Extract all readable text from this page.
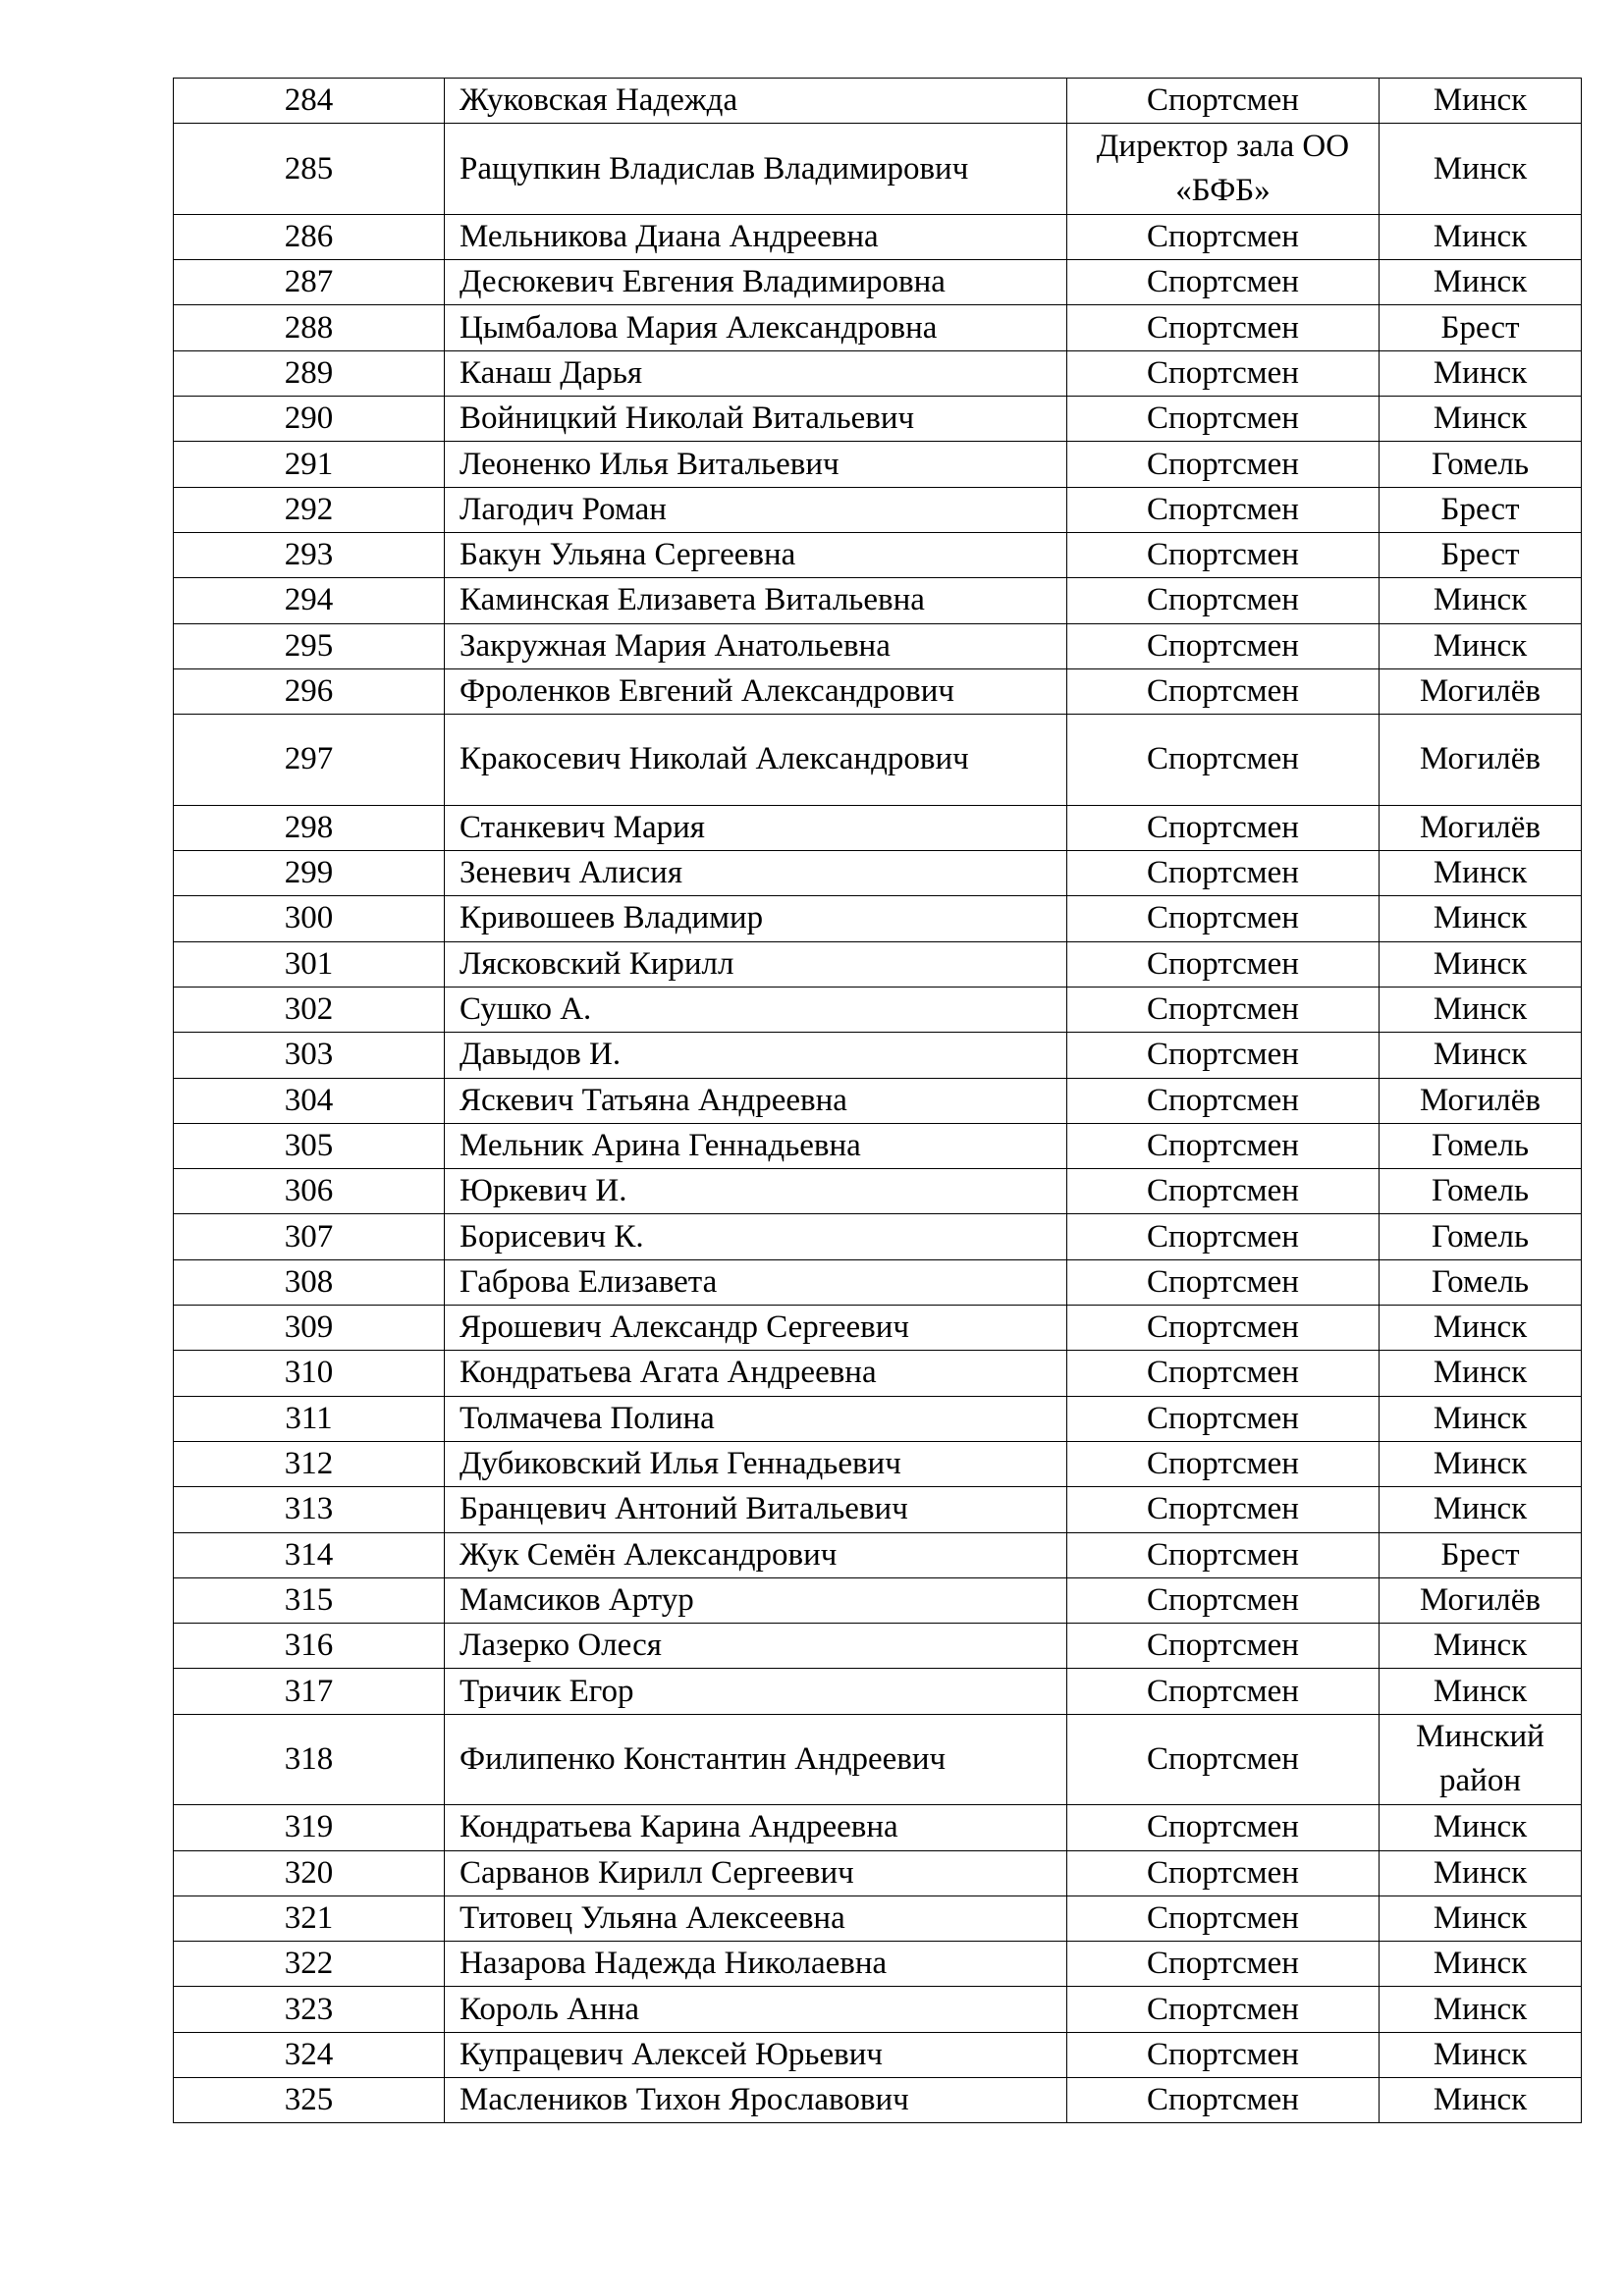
284	Жуковская Надежда	Спортсмен	Минск
285	Ращупкин Владислав Владимирович	Директор зала ОО «БФБ»	Минск
286	Мельникова Диана Андреевна	Спортсмен	Минск
287	Десюкевич Евгения Владимировна	Спортсмен	Минск
288	Цымбалова Мария Александровна	Спортсмен	Брест
289	Канаш Дарья	Спортсмен	Минск
290	Войницкий Николай Витальевич	Спортсмен	Минск
291	Леоненко Илья Витальевич	Спортсмен	Гомель
292	Лагодич Роман	Спортсмен	Брест
293	Бакун Ульяна Сергеевна	Спортсмен	Брест
294	Каминская Елизавета Витальевна	Спортсмен	Минск
295	Закружная Мария Анатольевна	Спортсмен	Минск
296	Фроленков Евгений Александрович	Спортсмен	Могилёв
297	Кракосевич Николай Александрович	Спортсмен	Могилёв
298	Станкевич Мария	Спортсмен	Могилёв
299	Зеневич Алисия	Спортсмен	Минск
300	Кривошеев Владимир	Спортсмен	Минск
301	Лясковский Кирилл	Спортсмен	Минск
302	Сушко А.	Спортсмен	Минск
303	Давыдов И.	Спортсмен	Минск
304	Яскевич Татьяна Андреевна	Спортсмен	Могилёв
305	Мельник Арина Геннадьевна	Спортсмен	Гомель
306	Юркевич И.	Спортсмен	Гомель
307	Борисевич К.	Спортсмен	Гомель
308	Габрова Елизавета	Спортсмен	Гомель
309	Ярошевич Александр Сергеевич	Спортсмен	Минск
310	Кондратьева Агата Андреевна	Спортсмен	Минск
311	Толмачева Полина	Спортсмен	Минск
312	Дубиковский Илья Геннадьевич	Спортсмен	Минск
313	Бранцевич Антоний Витальевич	Спортсмен	Минск
314	Жук Семён Александрович	Спортсмен	Брест
315	Мамсиков Артур	Спортсмен	Могилёв
316	Лазерко Олеся	Спортсмен	Минск
317	Тричик Егор	Спортсмен	Минск
318	Филипенко Константин Андреевич	Спортсмен	Минский район
319	Кондратьева Карина Андреевна	Спортсмен	Минск
320	Сарванов Кирилл Сергеевич	Спортсмен	Минск
321	Титовец Ульяна Алексеевна	Спортсмен	Минск
322	Назарова Надежда Николаевна	Спортсмен	Минск
323	Король Анна	Спортсмен	Минск
324	Купрацевич Алексей Юрьевич	Спортсмен	Минск
325	Маслеников Тихон Ярославович	Спортсмен	Минск
